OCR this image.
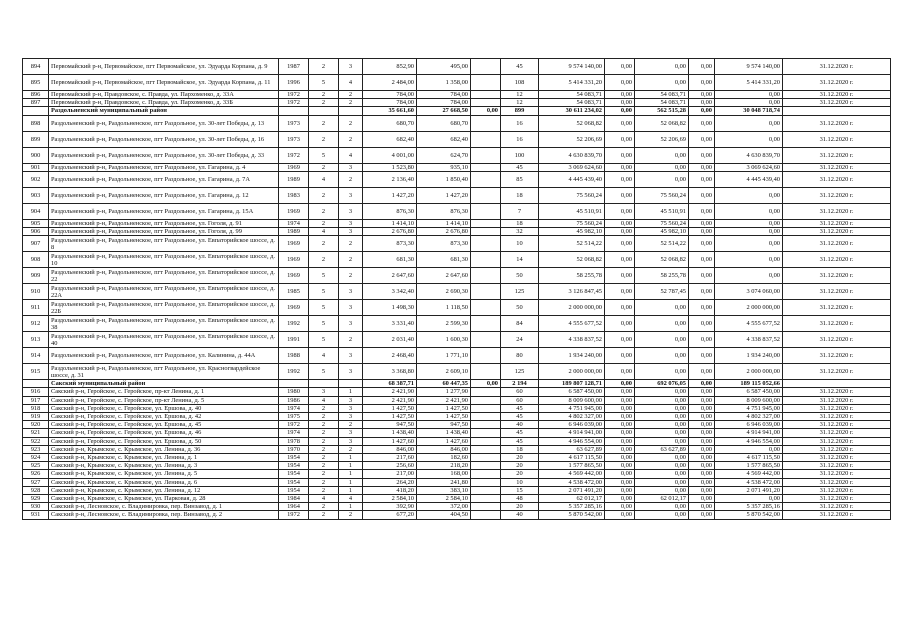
894	Первомайский р-н, Первомайское, пгт Первомайское, ул. Эдуарда Корпана, д. 9	1987	2	3	852,90	495,00		45	9 574 140,00	0,00	0,00	0,00	9 574 140,00	31.12.2020 г.
895	Первомайский р-н, Первомайское, пгт Первомайское, ул. Эдуарда Корпана, д. 11	1996	5	4	2 484,00	1 358,00		108	5 414 331,20	0,00	0,00	0,00	5 414 331,20	31.12.2020 г.
896	Первомайский р-н, Правдовское, с. Правда, ул. Пархоменко, д. 33А	1972	2	2	784,00	784,00		12	54 083,71	0,00	54 083,71	0,00	0,00	31.12.2020 г.
897	Первомайский р-н, Правдовское, с. Правда, ул. Пархоменко, д. 33Б	1972	2	2	784,00	784,00		12	54 083,71	0,00	54 083,71	0,00	0,00	31.12.2020 г.
	Раздольненский муниципальный район				35 661,60	27 668,50	0,00	899	30 611 234,02	0,00	562 515,28	0,00	30 048 718,74	
898	Раздольненский р-н, Раздольненское, пгт Раздольное, ул. 30-лет Победы, д. 13	1973	2	2	680,70	680,70		16	52 068,82	0,00	52 068,82	0,00	0,00	31.12.2020 г.
899	Раздольненский р-н, Раздольненское, пгт Раздольное, ул. 30-лет Победы, д. 16	1973	2	2	682,40	682,40		16	52 206,69	0,00	52 206,69	0,00	0,00	31.12.2020 г.
900	Раздольненский р-н, Раздольненское, пгт Раздольное, ул. 30-лет Победы, д. 33	1972	5	4	4 001,00	624,70		100	4 630 839,70	0,00	0,00	0,00	4 630 839,70	31.12.2020 г.
901	Раздольненский р-н, Раздольненское, пгт Раздольное, ул. Гагарина, д. 4	1969	2	3	1 523,80	935,10		45	3 069 624,60	0,00	0,00	0,00	3 069 624,60	31.12.2020 г.
902	Раздольненский р-н, Раздольненское, пгт Раздольное, ул. Гагарина, д. 7А	1989	4	2	2 136,40	1 850,40		85	4 445 439,40	0,00	0,00	0,00	4 445 439,40	31.12.2020 г.
903	Раздольненский р-н, Раздольненское, пгт Раздольное, ул. Гагарина, д. 12	1983	2	3	1 427,20	1 427,20		18	75 560,24	0,00	75 560,24	0,00	0,00	31.12.2020 г.
904	Раздольненский р-н, Раздольненское, пгт Раздольное, ул. Гагарина, д. 15А	1969	2	3	876,30	876,30		7	45 510,91	0,00	45 510,91	0,00	0,00	31.12.2020 г.
905	Раздольненский р-н, Раздольненское, пгт Раздольное, ул. Гоголя, д. 91	1974	2	3	1 414,10	1 414,10		18	75 560,24	0,00	75 560,24	0,00	0,00	31.12.2020 г.
906	Раздольненский р-н, Раздольненское, пгт Раздольное, ул. Гоголя, д. 99	1989	4	3	2 676,80	2 676,80		32	45 982,10	0,00	45 982,10	0,00	0,00	31.12.2020 г.
907	Раздольненский р-н, Раздольненское, пгт Раздольное, ул. Евпаторийское шоссе, д. 8	1969	2	2	873,30	873,30		10	52 514,22	0,00	52 514,22	0,00	0,00	31.12.2020 г.
908	Раздольненский р-н, Раздольненское, пгт Раздольное, ул. Евпаторийское шоссе, д. 10	1969	2	2	681,30	681,30		14	52 068,82	0,00	52 068,82	0,00	0,00	31.12.2020 г.
909	Раздольненский р-н, Раздольненское, пгт Раздольное, ул. Евпаторийское шоссе, д. 22	1969	5	2	2 647,60	2 647,60		50	58 255,78	0,00	58 255,78	0,00	0,00	31.12.2020 г.
910	Раздольненский р-н, Раздольненское, пгт Раздольное, ул. Евпаторийское шоссе, д. 22А	1985	5	3	3 342,40	2 690,30		125	3 126 847,45	0,00	52 787,45	0,00	3 074 060,00	31.12.2020 г.
911	Раздольненский р-н, Раздольненское, пгт Раздольное, ул. Евпаторийское шоссе, д. 22Б	1969	5	3	1 498,30	1 118,50		50	2 000 000,00	0,00	0,00	0,00	2 000 000,00	31.12.2020 г.
912	Раздольненский р-н, Раздольненское, пгт Раздольное, ул. Евпаторийское шоссе, д. 38	1992	5	3	3 331,40	2 599,30		84	4 555 677,52	0,00	0,00	0,00	4 555 677,52	31.12.2020 г.
913	Раздольненский р-н, Раздольненское, пгт Раздольное, ул. Евпаторийское шоссе, д. 40	1991	5	2	2 031,40	1 600,30		24	4 338 837,52	0,00	0,00	0,00	4 338 837,52	31.12.2020 г.
914	Раздольненский р-н, Раздольненское, пгт Раздольное, ул. Калинина, д. 44А	1988	4	3	2 468,40	1 771,10		80	1 934 240,00	0,00	0,00	0,00	1 934 240,00	31.12.2020 г.
915	Раздольненский р-н, Раздольненское, пгт Раздольное, ул. Красногвардейское шоссе, д. 31	1992	5	3	3 368,80	2 609,10		125	2 000 000,00	0,00	0,00	0,00	2 000 000,00	31.12.2020 г.
	Сакский муниципальный район				68 387,71	60 447,35	0,00	2 194	189 807 128,71	0,00	692 076,05	0,00	189 115 052,66	
916	Сакский р-н, Геройское, с. Геройское, пр-кт Ленина, д. 1	1980	3	1	2 421,90	1 277,90		60	6 587 450,00	0,00	0,00	0,00	6 587 450,00	31.12.2020 г.
917	Сакский р-н, Геройское, с. Геройское, пр-кт Ленина, д. 5	1986	4	3	2 421,90	2 421,90		60	8 009 600,00	0,00	0,00	0,00	8 009 600,00	31.12.2020 г.
918	Сакский р-н, Геройское, с. Геройское, ул. Ершова, д. 40	1974	2	3	1 427,50	1 427,50		45	4 751 945,00	0,00	0,00	0,00	4 751 945,00	31.12.2020 г.
919	Сакский р-н, Геройское, с. Геройское, ул. Ершова, д. 42	1975	2	3	1 427,50	1 427,50		45	4 802 327,00	0,00	0,00	0,00	4 802 327,00	31.12.2020 г.
920	Сакский р-н, Геройское, с. Геройское, ул. Ершова, д. 45	1972	2	2	947,50	947,50		40	6 946 039,00	0,00	0,00	0,00	6 946 039,00	31.12.2020 г.
921	Сакский р-н, Геройское, с. Геройское, ул. Ершова, д. 46	1974	2	3	1 438,40	1 438,40		45	4 914 941,00	0,00	0,00	0,00	4 914 941,00	31.12.2020 г.
922	Сакский р-н, Геройское, с. Геройское, ул. Ершова, д. 50	1978	2	3	1 427,60	1 427,60		45	4 946 554,00	0,00	0,00	0,00	4 946 554,00	31.12.2020 г.
923	Сакский р-н, Крымское, с. Крымское, ул. Ленина, д. 36	1970	2	2	846,00	846,00		18	63 627,89	0,00	63 627,89	0,00	0,00	31.12.2020 г.
924	Сакский р-н, Крымское, с. Крымское, ул. Ленина, д. 1	1954	2	1	217,60	182,60		20	4 617 115,50	0,00	0,00	0,00	4 617 115,50	31.12.2020 г.
925	Сакский р-н, Крымское, с. Крымское, ул. Ленина, д. 3	1954	2	1	256,60	218,20		20	1 577 865,50	0,00	0,00	0,00	1 577 865,50	31.12.2020 г.
926	Сакский р-н, Крымское, с. Крымское, ул. Ленина, д. 5	1954	2	1	217,00	168,00		20	4 569 442,00	0,00	0,00	0,00	4 569 442,00	31.12.2020 г.
927	Сакский р-н, Крымское, с. Крымское, ул. Ленина, д. 6	1954	2	1	264,20	241,80		10	4 538 472,00	0,00	0,00	0,00	4 538 472,00	31.12.2020 г.
928	Сакский р-н, Крымское, с. Крымское, ул. Ленина, д. 12	1954	2	1	418,20	383,10		15	2 071 491,20	0,00	0,00	0,00	2 071 491,20	31.12.2020 г.
929	Сакский р-н, Крымское, с. Крымское, ул. Парковая, д. 28	1984	4	4	2 584,10	2 584,10		48	62 012,17	0,00	62 012,17	0,00	0,00	31.12.2020 г.
930	Сакский р-н, Лесновское, с. Владимировка, пер. Винзавод, д. 1	1964	2	1	392,90	372,00		20	5 357 285,16	0,00	0,00	0,00	5 357 285,16	31.12.2020 г.
931	Сакский р-н, Лесновское, с. Владимировка, пер. Винзавод, д. 2	1972	2	2	677,20	404,50		40	5 870 542,00	0,00	0,00	0,00	5 870 542,00	31.12.2020 г.
